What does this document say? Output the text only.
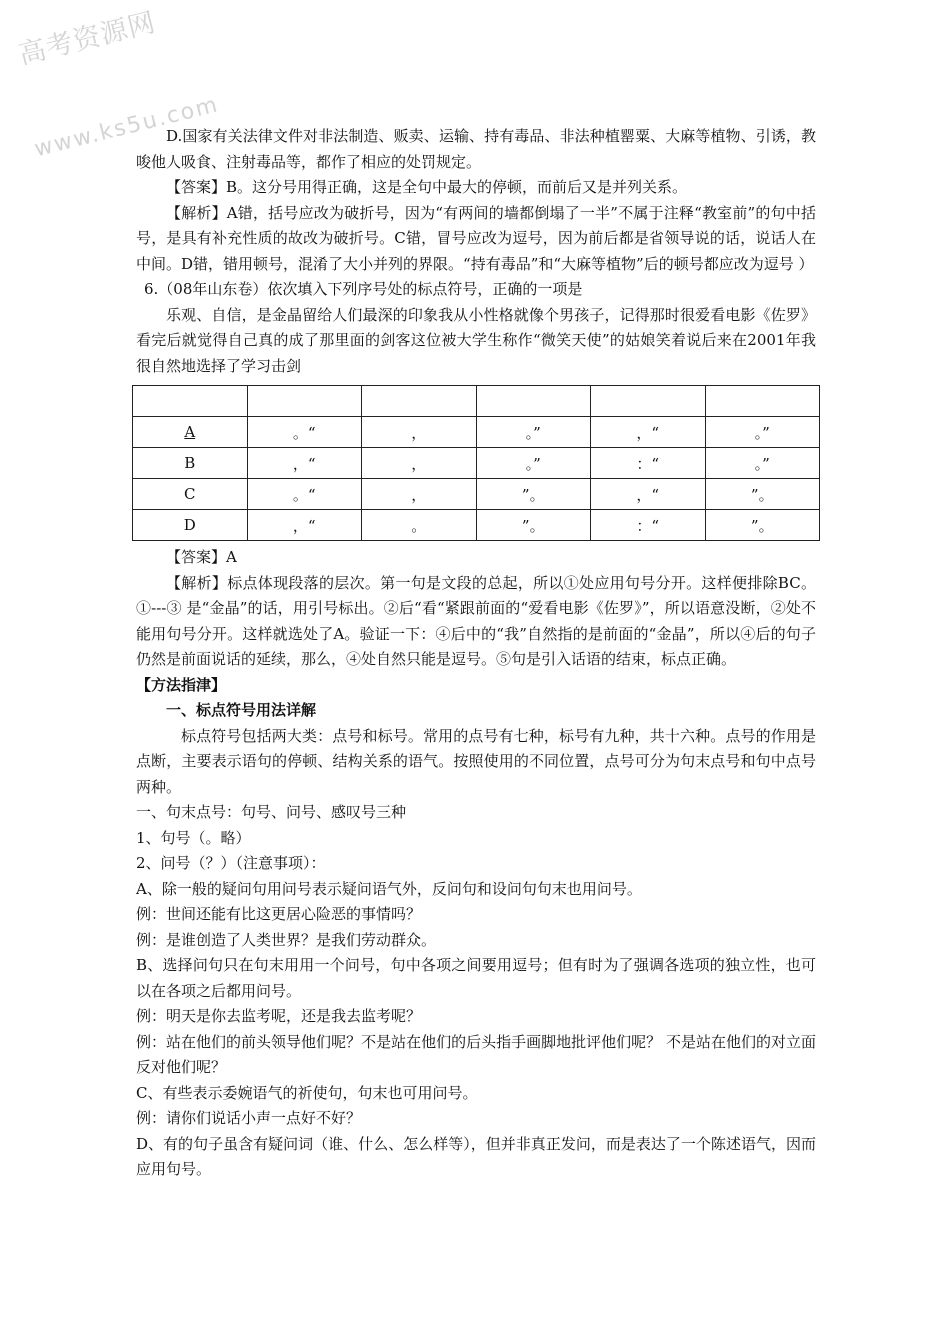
高考资源网
www.ks5u.com

D.国家有关法律文件对非法制造、贩卖、运输、持有毒品、非法种植罂粟、大麻等植物、引诱，教唆他人吸食、注射毒品等，都作了相应的处罚规定。

【答案】B。这分号用得正确，这是全句中最大的停顿，而前后又是并列关系。

【解析】A错，括号应改为破折号，因为“有两间的墙都倒塌了一半”不属于注释“教室前”的句中括号，是具有补充性质的故改为破折号。C错，冒号应改为逗号，因为前后都是省领导说的话，说话人在中间。D错，错用顿号，混淆了大小并列的界限。“持有毒品”和“大麻等植物”后的顿号都应改为逗号 ）

6.（08年山东卷）依次填入下列序号处的标点符号，正确的一项是

乐观、自信，是金晶留给人们最深的印象我从小性格就像个男孩子，记得那时很爱看电影《佐罗》看完后就觉得自己真的成了那里面的剑客这位被大学生称作“微笑天使”的姑娘笑着说后来在2001年我很自然地选择了学习击剑

A	。“	，	。”	，“	。”
B	，“	，	。”	：“	。”
C	。“	，	”。	，“	”。
D	，“	。	”。	：“	”。

【答案】A

【解析】标点体现段落的层次。第一句是文段的总起，所以①处应用句号分开。这样便排除BC。①---③ 是“金晶”的话，用引号标出。②后“看“紧跟前面的“爱看电影《佐罗》”，所以语意没断，②处不能用句号分开。这样就选处了A。验证一下：④后中的“我”自然指的是前面的“金晶”，所以④后的句子仍然是前面说话的延续，那么，④处自然只能是逗号。⑤句是引入话语的结束，标点正确。

【方法指津】

一、标点符号用法详解

标点符号包括两大类：点号和标号。常用的点号有七种，标号有九种，共十六种。点号的作用是点断，主要表示语句的停顿、结构关系的语气。按照使用的不同位置，点号可分为句末点号和句中点号两种。

一、句末点号：句号、问号、感叹号三种

1、句号（。略）

2、问号（？）（注意事项）：

A、除一般的疑问句用问号表示疑问语气外，反问句和设问句句末也用问号。

例：世间还能有比这更居心险恶的事情吗？

例：是谁创造了人类世界？是我们劳动群众。

B、选择问句只在句末用用一个问号，句中各项之间要用逗号；但有时为了强调各选项的独立性，也可以在各项之后都用问号。

例：明天是你去监考呢，还是我去监考呢？

例：站在他们的前头领导他们呢？不是站在他们的后头指手画脚地批评他们呢？ 不是站在他们的对立面反对他们呢？

C、有些表示委婉语气的祈使句，句末也可用问号。

例：请你们说话小声一点好不好？

D、有的句子虽含有疑问词（谁、什么、怎么样等），但并非真正发问，而是表达了一个陈述语气，因而应用句号。
